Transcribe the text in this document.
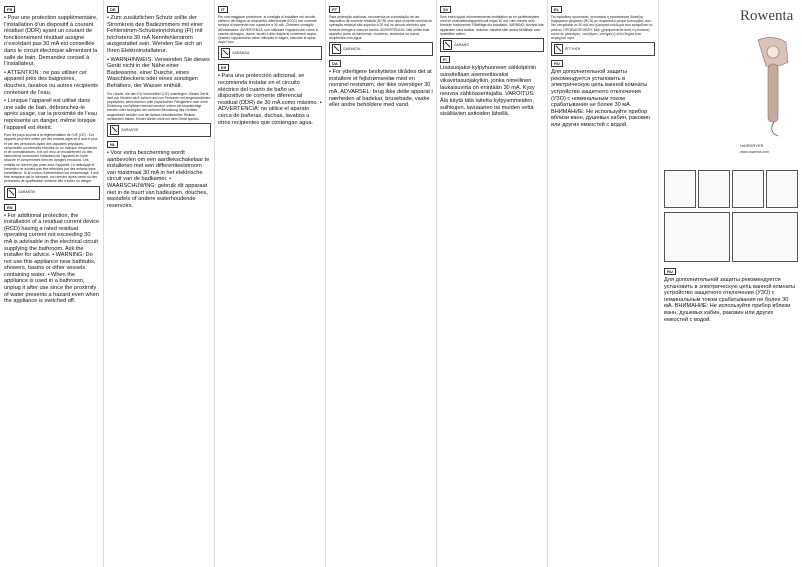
FR

• Pour une protection supplémentaire, l’installation d’un dispositif à courant résiduel (DDR) ayant un courant de fonctionnement résiduel assigné n’excédant pas 30 mA est conseillée dans le circuit électrique alimentant la salle de bain. Demandez conseil à l’installateur.

• ATTENTION : ne pas utiliser cet appareil près des baignoires, douches, lavabos ou autres récipients contenant de l’eau.

• Lorsque l’appareil est utilisé dans une salle de bain, débranchez-le après usage, car la proximité de l’eau représente un danger, même lorsque l’appareil est éteint.

Pour les pays soumis à la réglementation de l’UE (CE) : Cet appareil peut être utilisé par des enfants âgés de 8 ans et plus et par des personnes ayant des capacités physiques, sensorielles ou mentales réduites ou un manque d’expérience et de connaissances, s’ils ont reçu un encadrement ou des instructions concernant l’utilisation de l’appareil en toute sécurité et comprennent bien les dangers encourus. Les enfants ne doivent pas jouer avec l’appareil. Le nettoyage et l’entretien ne doivent pas être effectués par des enfants sans surveillance. Si le cordon d’alimentation est endommagé, il doit être remplacé par le fabricant, son service après-vente ou des personnes de qualification similaire afin d’éviter un danger.

GARANTIE
EN

• For additional protection, the installation of a residual current device (RCD) having a rated residual operating current not exceeding 30 mA is advisable in the electrical circuit supplying the bathroom. Ask the installer for advice. • WARNING: Do not use this appliance near bathtubs, showers, basins or other vessels containing water. • When the appliance is used in a bathroom, unplug it after use since the proximity of water presents a hazard even when the appliance is switched off.

DE

• Zum zusätzlichen Schutz sollte der Stromkreis des Badezimmers mit einer Fehlerstrom-Schutzeinrichtung (FI) mit höchstens 30 mA Nennfehlerstrom ausgestattet sein. Wenden Sie sich an Ihren Elektroinstallateur.

• WARNHINWEIS: Verwenden Sie dieses Gerät nicht in der Nähe einer Badewanne, einer Dusche, eines Waschbeckens oder eines sonstigen Behälters, der Wasser enthält.

Für Länder, die den EU-Vorschriften (CE) unterliegen: Dieses Gerät darf von Kindern ab 8 Jahren und von Personen mit eingeschränkten physischen, sensorischen oder psychischen Fähigkeiten oder ohne Erfahrung und Wissen benutzt werden, sofern sie beaufsichtigt werden oder bezüglich der sicheren Benutzung des Gerätes angewiesen wurden und die daraus resultierenden Risiken verstanden haben. Kinder dürfen nicht mit dem Gerät spielen.

GARANTIE
NL

• Voor extra bescherming wordt aanbevolen om een aardlekschakelaar te installeren met een differentieelstroom van maximaal 30 mA in het elektrische circuit van de badkamer. • WAARSCHUWING: gebruik dit apparaat niet in de buurt van badkuipen, douches, wastafels of andere waterhoudende reservoirs.

IT

Per una maggiore protezione, si consiglia di installare nel circuito elettrico del bagno un dispositivo differenziale (RCD) con corrente residua di intervento non superiore a 30 mA. Chiedere consiglio all’installatore. AVVERTENZA: non utilizzare l’apparecchio vicino a vasche da bagno, docce, lavabi o altri recipienti contenenti acqua. Quando l’apparecchio viene utilizzato in bagno, staccare la spina dopo l’uso.

GARANZIA
ES

• Para una protección adicional, se recomienda instalar en el circuito eléctrico del cuarto de baño un dispositivo de corriente diferencial residual (DDR) de 30 mA como máximo. • ADVERTENCIA: no utilice el aparato cerca de bañeras, duchas, lavabos u otros recipientes que contengan agua.

PT

Para protecção adicional, recomenda-se a instalação de um dispositivo de corrente residual (DCR) com uma corrente nominal de operação residual não superior a 30 mA no circuito eléctrico que fornece energia à casa de banho. ADVERTÊNCIA: Não utilize este aparelho perto de banheiras, chuveiros, lavatórios ou outros recipientes com água.

GARANTIA
DA

• For yderligere beskyttelse tilrådes det at installere et fejlstrømsrelæ med en nominel reststrøm, der ikke overstiger 30 mA. ADVARSEL: brug ikke dette apparat i nærheden af badekar, brusebade, vaske eller andre beholdere med vand.

SV

Som extra skydd rekommenderas installation av en jordfelsbrytare med en märkutlösningsström på högst 30 mA i den elkrets som försörjer badrummet. Rådfråga din installatör. VARNING: Använd inte apparaten nära badkar, duschar, handfat eller andra behållare som innehåller vatten.

GARANTI
FI

Lisäsuojaksi kylpyhuoneen sähköpiiriin suositellaan asennettavaksi vikavirtasuojakytkin, jonka nimellinen laukaisuvirta on enintään 30 mA. Kysy neuvoa sähköasentajalta. VAROITUS: Älä käytä tätä laitetta kylpyammeiden, suihkujen, lavuaarien tai muiden vettä sisältävien astioiden lähellä.

EL

Για πρόσθετη προστασία, συνιστάται η εγκατάσταση διάταξης διαφορικού ρεύματος (RCD) με ονομαστικό ρεύμα λειτουργίας που δεν υπερβαίνει τα 30 mA στο ηλεκτρικό κύκλωμα που τροφοδοτεί το μπάνιο. ΠΡΟΕΙΔΟΠΟΙΗΣΗ: Μην χρησιμοποιείτε αυτή τη συσκευή κοντά σε μπανιέρες, ντουζιέρες, νιπτήρες ή άλλα δοχεία που περιέχουν νερό.

ΕΓΓΥΗΣΗ
RU

Для дополнительной защиты рекомендуется установить в электрическую цепь ванной комнаты устройство защитного отключения (УЗО) с номинальным током срабатывания не более 30 мА. ВНИМАНИЕ: Не используйте прибор вблизи ванн, душевых кабин, раковин или других емкостей с водой.

Rowenta
HAIRDRYER
www.rowenta.com
RU

Для дополнительной защиты рекомендуется установить в электрическую цепь ванной комнаты устройство защитного отключения (УЗО) с номинальным током срабатывания не более 30 мА. ВНИМАНИЕ: Не используйте прибор вблизи ванн, душевых кабин, раковин или других емкостей с водой.
